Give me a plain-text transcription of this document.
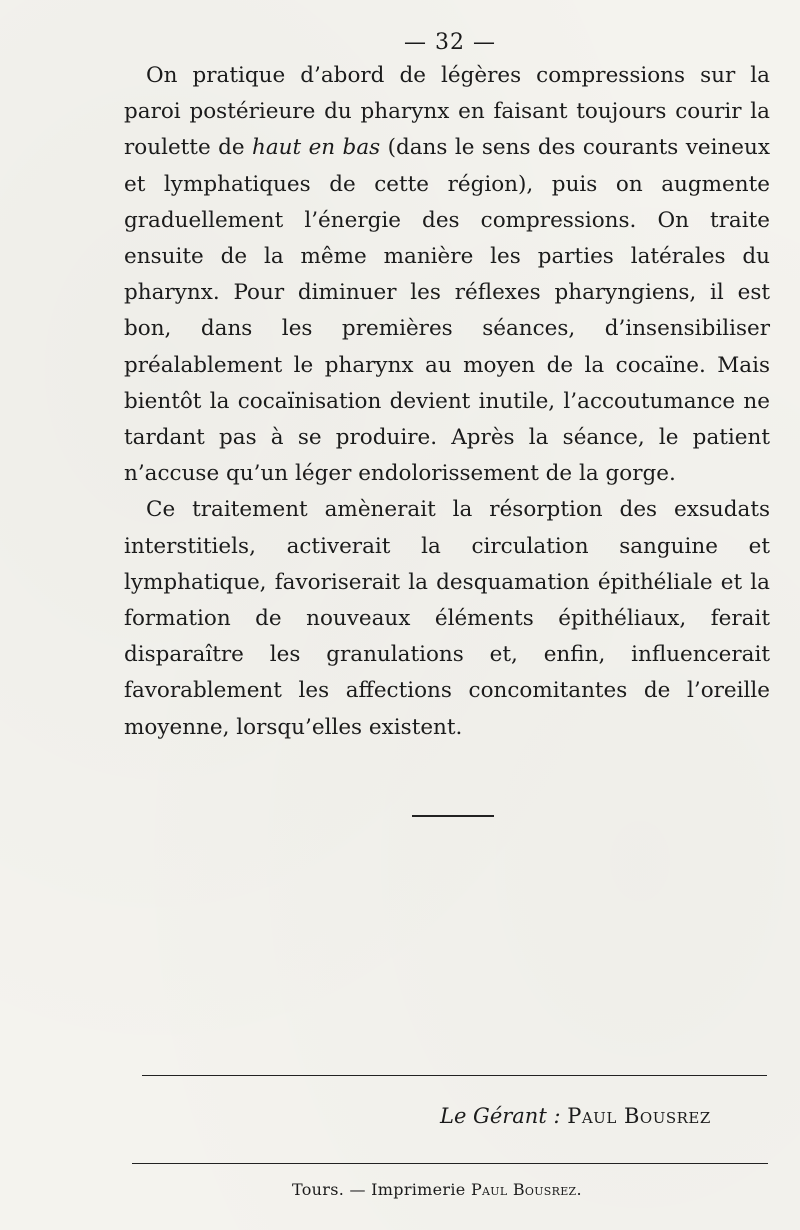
— 32 —

On pratique d’abord de légères compressions sur la paroi postérieure du pharynx en faisant toujours courir la roulette de haut en bas (dans le sens des courants veineux et lymphatiques de cette région), puis on augmente graduellement l’énergie des compressions. On traite ensuite de la même manière les parties latérales du pharynx. Pour diminuer les réflexes pharyngiens, il est bon, dans les premières séances, d’insensibiliser préalablement le pharynx au moyen de la cocaïne. Mais bientôt la cocaïnisation devient inutile, l’accoutumance ne tardant pas à se produire. Après la séance, le patient n’accuse qu’un léger endolorissement de la gorge.

Ce traitement amènerait la résorption des exsudats interstitiels, activerait la circulation sanguine et lymphatique, favoriserait la desquamation épithéliale et la formation de nouveaux éléments épithéliaux, ferait disparaître les granulations et, enfin, influencerait favorablement les affections concomitantes de l’oreille moyenne, lorsqu’elles existent.

Le Gérant : Paul Bousrez
Tours. — Imprimerie Paul Bousrez.
